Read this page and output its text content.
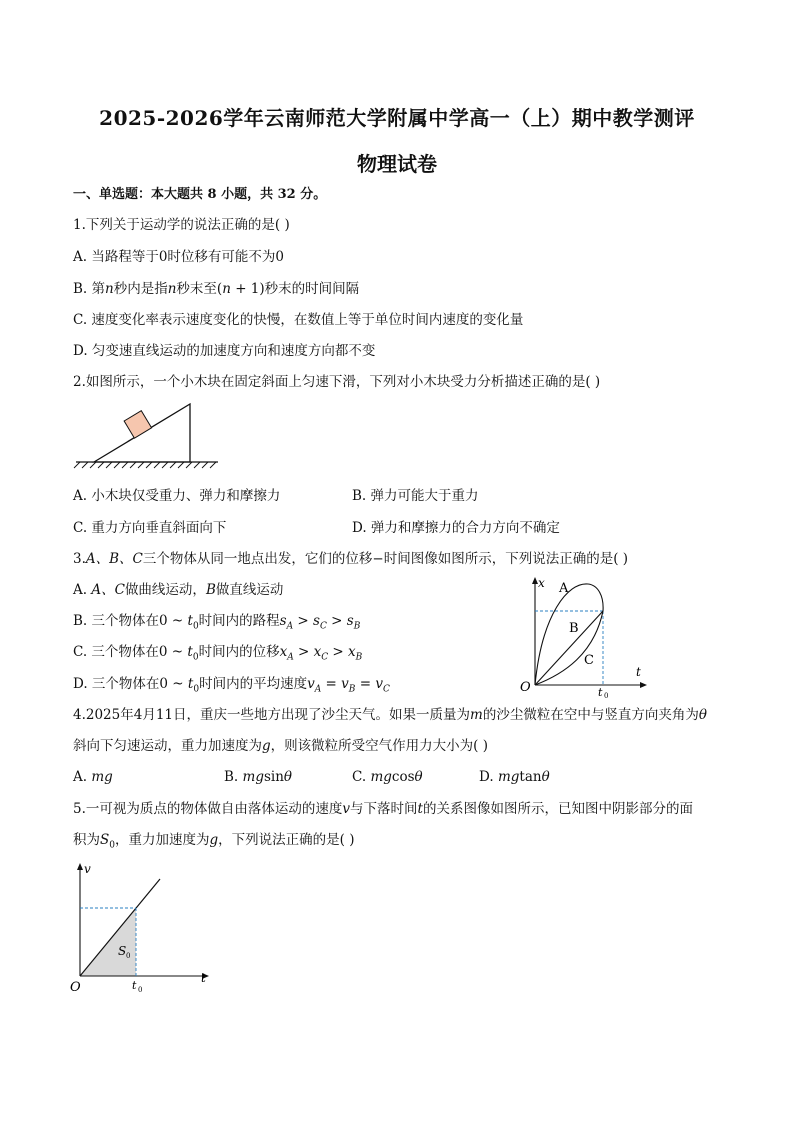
2025-2026学年云南师范大学附属中学高一（上）期中教学测评
物理试卷
一、单选题：本大题共 8 小题，共 32 分。
1.下列关于运动学的说法正确的是( )
A. 当路程等于0时位移有可能不为0
B. 第n秒内是指n秒末至(n + 1)秒末的时间间隔
C. 速度变化率表示速度变化的快慢，在数值上等于单位时间内速度的变化量
D. 匀变速直线运动的加速度方向和速度方向都不变
2.如图所示，一个小木块在固定斜面上匀速下滑，下列对小木块受力分析描述正确的是( )
A. 小木块仅受重力、弹力和摩擦力	B. 弹力可能大于重力
C. 重力方向垂直斜面向下	D. 弹力和摩擦力的合力方向不确定
3.A、B、C三个物体从同一地点出发，它们的位移−时间图像如图所示，下列说法正确的是( )
A. A、C做曲线运动，B做直线运动
B. 三个物体在0 ~ $t_0$时间内的路程$s_A > s_C > s_B$
C. 三个物体在0 ~ $t_0$时间内的位移$x_A > x_C > x_B$
D. 三个物体在0 ~ $t_0$时间内的平均速度$v_A = v_B = v_C$
x
t
O	t 0
A
B
C
4.2025年4月11日，重庆一些地方出现了沙尘天气。如果一质量为m的沙尘微粒在空中与竖直方向夹角为θ
斜向下匀速运动，重力加速度为g，则该微粒所受空气作用力大小为( )
A. mg	B. mgsinθ	C. mgcosθ	D. mgtanθ
5.一可视为质点的物体做自由落体运动的速度v与下落时间t的关系图像如图所示，已知图中阴影部分的面
积为$S_0$，重力加速度为g，下列说法正确的是( )
v
t
O	t 0
S 0
